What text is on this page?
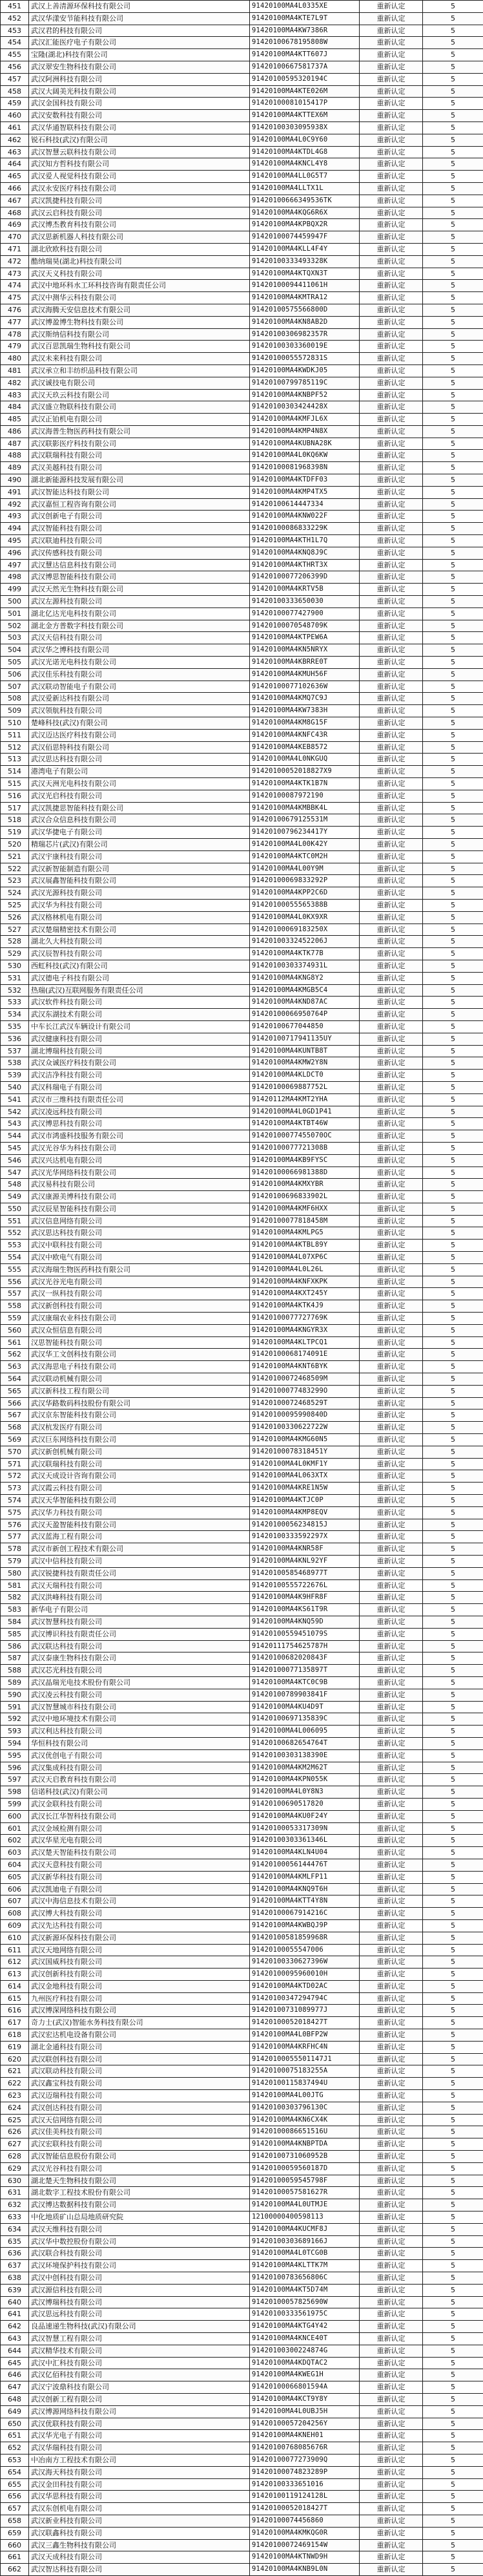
451	武汉上善清源环保科技有限公司	91420100MA4L0335XE	重新认定	5
452	武汉华漾安节能科技有限公司	91420100MA4KTE7L9T	重新认定	5
453	武汉君的科技有限公司	91420100MA4KW7386R	重新认定	5
454	武汉汇能医疗电子有限公司	91420100678195808W	重新认定	5
455	宝隆(湖北)科技有限公司	91420100MA4KTT607J	重新认定	5
456	武汉翠安生物科技有限公司	91420100667581737A	重新认定	5
457	武汉阿洲科技有限公司	91420100595320194C	重新认定	5
458	武汉大阔美光科技有限公司	91420100MA4KTE026M	重新认定	5
459	武汉金国科技有限公司	91420100081015417P	重新认定	5
460	武汉安数科技有限公司	91420100MA4KTTEX6M	重新认定	5
461	武汉华通智联科技有限公司	91420100303095938X	重新认定	5
462	锐石科技(武汉)有限公司	91420100MA4L0C9Y60	重新认定	5
463	武汉智慧云联科技有限公司	91420100MA4KTDL4G8	重新认定	5
464	武汉知方哲科技有限公司	91420100MA4KNCL4Y8	重新认定	5
465	武汉爱人视觉科技有限公司	91420100MA4LL0G5T7	重新认定	5
466	武汉永安医疗科技有限公司	91420100MA4LLTX1L	重新认定	5
467	武汉凯捷科技有限公司	91420100666349536TK	重新认定	5
468	武汉云启科技有限公司	91420100MA4KQG6R6X	重新认定	5
469	武汉博杰教育科技有限公司	91420100MA4KPBQX2R	重新认定	5
470	武汉思新机器人科技有限公司	91420100074459947F	重新认定	5
471	湖北欣欧科技有限公司	91420100MA4KLL4F4Y	重新认定	5
472	酷纳瑞昊(湖北)科技有限公司	91420100333493328K	重新认定	5
473	武汉天义科技有限公司	91420100MA4KTQXN3T	重新认定	5
474	武汉中地环科水工环科技咨询有限责任公司	91420100094411061H	重新认定	5
475	武汉中测华云科技有限公司	91420100MA4KMTRA12	重新认定	5
476	武汉海腾天安信息技术有限公司	91420100575566800D	重新认定	5
477	武汉博盈博生物科技有限公司	91420100MA4KN8AB2D	重新认定	5
478	武汉斯纳信科技有限公司	91420100306982357R	重新认定	5
479	武汉百思凯瑞生物科技有限公司	91420100303360019E	重新认定	5
480	武汉未来科技有限公司	91420100055572831S	重新认定	5
481	武汉承立和丰纺织品科技有限公司	91420100MA4KWDKJ05	重新认定	5
482	武汉诚技电有限公司	91420100799785119C	重新认定	5
483	武汉天玖云科技有限公司	91420100MA4KNBPF52	重新认定	5
484	武汉盛立物联科技有限公司	91420100303424428X	重新认定	5
485	武汉正铂机电有限公司	91420100MA4KMFJL6X	重新认定	5
486	武汉海普生物医药科技有限公司	91420100MA4KMP4N8X	重新认定	5
487	武汉联影医疗科技有限公司	91420100MA4KUBNA28K	重新认定	5
488	武汉联瑞科技有限公司	91420100MA4L0KQ6KW	重新认定	5
489	武汉美越科技有限公司	91420100081968398N	重新认定	5
490	湖北新能源科技发展有限公司	91420100MA4KTDFF03	重新认定	5
491	武汉智能达科技有限公司	91420100MA4KMP4TX5	重新认定	5
492	武汉嘉恒工程咨询有限公司	91420100614447334	重新认定	5
493	武汉创新电子有限公司	91420100MA4KNW022F	重新认定	5
494	武汉智能科技有限公司	91420100086833229K	重新认定	5
495	武汉联迪科技有限公司	91420100MA4KTH1L7Q	重新认定	5
496	武汉传感科技有限公司	91420100MA4KNQ8J9C	重新认定	5
497	武汉慧达信息科技有限公司	91420100MA4KTHRT3X	重新认定	5
498	武汉博思智能科技有限公司	91420100077206399D	重新认定	5
499	武汉天然光生物科技有限公司	91420100MA4KRTV5B	重新认定	5
500	武汉左源科技有限公司	91420100333650030	重新认定	5
501	湖北亿达光电科技有限公司	91420100077427900	重新认定	5
502	湖北金方普数字科技有限公司	91420100070548709K	重新认定	5
503	武汉天信科技有限公司	91420100MA4KTPEW6A	重新认定	5
504	武汉华之博科技有限公司	91420100MA4KN5NRYX	重新认定	5
505	武汉光诺光电科技有限公司	91420100MA4KBRRE0T	重新认定	5
506	武汉佳乐科技有限公司	91420100MA4KMUH56F	重新认定	5
507	武汉联动智能电子有限公司	91420100077102636W	重新认定	5
508	武汉爱新达科技有限公司	91420100MA4KMQ7C9J	重新认定	5
509	武汉领航科技有限公司	91420100MA4KW7383H	重新认定	5
510	楚峰科技(武汉)有限公司	91420100MA4KM8G15F	重新认定	5
511	武汉迈达医疗科技有限公司	91420100MA4KNFC43R	重新认定	5
512	武汉佰思特科技有限公司	91420100MA4KEB8572	重新认定	5
513	武汉思达科技有限公司	91420100MA4L0NKGUQ	重新认定	5
514	港湾电子有限公司	91420100052018827X9	重新认定	5
515	武汉天洲光电科技有限公司	91420100MA4KTK1B7N	重新认定	5
516	武汉光启科技有限公司	91420100087972190	重新认定	5
517	武汉凯捷思智能科技有限公司	91420100MA4KMBBK4L	重新认定	5
518	武汉合众信息科技有限公司	91420100679125531M	重新认定	5
519	武汉华捷电子有限公司	91420100796234417Y	重新认定	5
520	精瑞芯片(武汉)有限公司	91420100MA4L00K42Y	重新认定	5
521	武汉宇康科技有限公司	91420100MA4KTC0M2H	重新认定	5
522	武汉新智能制造有限公司	91420100MA4L00Y9M	重新认定	5
523	武汉展鑫智能科技有限公司	91420100069833292P	重新认定	5
524	武汉光源科技有限公司	91420100MA4KPP2C6D	重新认定	5
525	武汉华为科技有限公司	91420100055565388B	重新认定	5
526	武汉格林机电有限公司	91420100MA4L0KX9XR	重新认定	5
527	武汉楚瑞精密技术有限公司	91420100069183250X	重新认定	5
528	湖北久大科技有限公司	91420100332452206J	重新认定	5
529	武汉辰智科技有限公司	91420100MA4KTK77B	重新认定	5
530	西虹科技(武汉)有限公司	91420100303374931L	重新认定	5
531	武汉德电子科技有限公司	91420100MA4KNG8Y2	重新认定	5
532	热瑞(武汉)互联网服务有限责任公司	91420100MA4KMGB5C4	重新认定	5
533	武汉软件科技有限公司	91420100MA4KND87AC	重新认定	5
534	武汉东湖技术有限公司	91420100066950764P	重新认定	5
535	中车长江武汉车辆设计有限公司	91420100677044850	重新认定	5
536	武汉健康科技有限公司	91420100717941135UY	重新认定	5
537	湖北博瑞科技有限公司	91420100MA4KUNTB8T	重新认定	5
538	武汉众诚医疗科技有限公司	91420100MA4KMW2Y8N	重新认定	5
539	武汉洁净科技有限公司	91420100MA4KLDCT0	重新认定	5
540	武汉科瑞电子有限公司	91420100069887752L	重新认定	5
541	武汉市三维科技有限责任公司	91420112MA4KMT2YHA	重新认定	5
542	武汉凌远科技有限公司	91420100MA4L0GD1P41	重新认定	5
543	武汉博思科技有限公司	91420100MA4KTBT46W	重新认定	5
544	武汉市鸿盛科技服务有限公司	91420100077455070OC	重新认定	5
545	武汉光谷华为科技有限公司	91420100077721308B	重新认定	5
546	武汉兴达机电有限公司	91420100MA4KB9FYSC	重新认定	5
547	武汉光华网络科技有限公司	91420100066981388D	重新认定	5
548	武汉易科技有限公司	91420100MA4KMXYBR	重新认定	5
549	武汉康源美博科技有限公司	91420100696833902L	重新认定	5
550	武汉辰星智能科技有限公司	91420100MA4KMF6HXX	重新认定	5
551	武汉信息网络有限公司	91420100077818458M	重新认定	5
552	武汉思达科技有限公司	91420100MA4KMLPG5	重新认定	5
553	武汉中联科技有限公司	91420100MA4KTBL89Y	重新认定	5
554	武汉中欧电气有限公司	91420100MA4L07XP6C	重新认定	5
555	武汉海瑞生物医药科技有限公司	91420100MA4L0L26L	重新认定	5
556	武汉光谷光电有限公司	91420100MA4KNFXKPK	重新认定	5
557	武汉一纵科技有限公司	91420100MA4KXT245Y	重新认定	5
558	武汉新创科技有限公司	91420100MA4KTK4J9	重新认定	5
559	武汉康瑞农业科技有限公司	91420100077727769K	重新认定	5
560	武汉众恒信息有限公司	91420100MA4KNGYR3X	重新认定	5
561	汉思智能科技有限公司	91420100MA4KLTPCQ1	重新认定	5
562	武汉华工文创科技有限公司	91420100068174091E	重新认定	5
563	武汉海思电子科技有限公司	91420100MA4KNT6BYK	重新认定	5
564	武汉联动机械有限公司	91420100072468509M	重新认定	5
565	武汉新科技工程有限公司	91420100077483299O	重新认定	5
566	武汉华路数码科技股份有限公司	91420100072468529T	重新认定	5
567	武汉京东智能科技有限公司	91420100095990840D	重新认定	5
568	武汉杭发医疗有限公司	91420100330622722W	重新认定	5
569	武汉巨东网络科技有限公司	91420100MA4KMG60N5	重新认定	5
570	武汉新创机械有限公司	91420100078318451Y	重新认定	5
571	武汉联瑞科技有限公司	91420100MA4L0KMF1Y	重新认定	5
572	武汉天成设计咨询有限公司	91420100MA4L063XTX	重新认定	5
573	武汉霞云科技有限公司	91420100MA4KRE1N5W	重新认定	5
574	武汉天华智能科技有限公司	91420100MA4KTJC0P	重新认定	5
575	武汉华力科技有限公司	91420100MA4KMP8EQV	重新认定	5
576	武汉天盈智能科技有限公司	91420100056234815J	重新认定	5
577	武汉蓝海工程有限公司	91420100333592297X	重新认定	5
578	武汉市新创工程技术有限公司	91420100MA4KNR58F	重新认定	5
579	武汉中信科技有限公司	91420100MA4KNL92YF	重新认定	5
580	武汉锐捷科技有限责任公司	91420100585468977T	重新认定	5
581	武汉天瑞科技有限公司	91420100555722676L	重新认定	5
582	武汉洪峰科技有限公司	91420100MA4K9HFR8F	重新认定	5
583	新华电子有限公司	91420100MA4KS61T9R	重新认定	5
584	武汉智慧科技有限公司	91420100MA4KNQ59D	重新认定	5
585	武汉博识科技有限责任公司	91420100559451079S	重新认定	5
586	武汉联达科技有限公司	91420111754625787H	重新认定	5
587	武汉泰康生物科技有限公司	91420100682020843F	重新认定	5
588	武汉芯光科技有限公司	91420100077135897T	重新认定	5
589	武汉晶瑞光电技术股份有限公司	91420100MA4KTC0C9B	重新认定	5
590	武汉凌云科技有限公司	91420100789903841F	重新认定	5
591	武汉智慧城市科技有限公司	91420100MA4KU4D9T	重新认定	5
592	武汉中地环境技术有限公司	91420100697135839C	重新认定	5
593	武汉利达科技有限公司	91420100MA4L006095	重新认定	5
594	华恒科技有限公司	91420100682654764T	重新认定	5
595	武汉优创电子有限公司	91420100303138390E	重新认定	5
596	武汉集成科技有限公司	91420100MA4KM2M62T	重新认定	5
597	武汉天启教育科技有限公司	91420100MA4KPN055K	重新认定	5
598	信诺科技(武汉)有限公司	91420100MA4L0Y8N3	重新认定	5
599	武汉金联科技有限公司	91420100690517820	重新认定	5
600	武汉长江华智科技有限公司	91420100MA4KU0F24Y	重新认定	5
601	武汉金域检测有限公司	91420100053317309N	重新认定	5
602	武汉华星光电有限公司	91420100303361346L	重新认定	5
603	武汉楚天智能科技有限公司	91420100MA4KLN4U04	重新认定	5
604	武汉天意科技有限公司	91420100056144476T	重新认定	5
605	武汉新华科技有限公司	91420100MA4KMLFP11	重新认定	5
606	武汉凯迪电子有限公司	91420100MA4KNQ9T6H	重新认定	5
607	武汉中海信息技术有限公司	91420100MA4KTT4Y8N	重新认定	5
608	武汉博大科技有限公司	91420100067914216C	重新认定	5
609	武汉先达科技有限公司	91420100MA4KWBQJ9P	重新认定	5
610	武汉新源环保科技有限公司	91420100581859968R	重新认定	5
611	武汉天地网络有限公司	91420100055547006	重新认定	5
612	武汉国威科技有限公司	91420100330627396W	重新认定	5
613	武汉创新科技有限公司	91420100095960010H	重新认定	5
614	武汉金地科技有限公司	91420100MA4KTD02AC	重新认定	5
615	九州医疗科技有限公司	91420100347294794C	重新认定	5
616	武汉博深网络科技有限公司	91420100731089977J	重新认定	5
617	奇力士(武汉)智能水务科技有限公司	91420100052018427T	重新认定	5
618	武汉宏达机电设备有限公司	91420100MA4L0BFP2W	重新认定	5
619	湖北金通科技有限公司	91420100MA4KRFHC4N	重新认定	5
620	武汉联创科技有限公司	91420100055501147J1	重新认定	5
621	武汉联动科技有限公司	91420100075183255A	重新认定	5
622	武汉鑫宝科技有限公司	91420100115837494U	重新认定	5
623	武汉迈瑞科技有限公司	91420100MA4L00JTG	重新认定	5
624	武汉创达科技有限公司	91420100303796130C	重新认定	5
625	武汉天信网络有限公司	91420100MA4KN6CX4K	重新认定	5
626	武汉佳美科技有限公司	91420100086651516U	重新认定	5
627	武汉宏联科技有限公司	91420100MA4KNBPTDA	重新认定	5
628	武汉智能信息股份有限公司	91420100731060952B	重新认定	5
629	武汉光谷科技有限公司	91420100059560187D	重新认定	5
630	湖北楚天生物科技有限公司	91420100059545798F	重新认定	5
631	湖北数字工程技术股份有限公司	91420100057581627R	重新认定	5
632	武汉博达数据科技有限公司	91420100MA4L0UTMJE	重新认定	5
633	中化地质矿山总局地质研究院	12100000400598113	重新认定	5
634	武汉天维科技有限公司	91420100MA4KUCMF8J	重新认定	5
635	武汉华中数控股份有限公司	91420100303689166J	重新认定	5
636	武汉联合科技有限公司	91420100MA4L0TCG0B	重新认定	5
637	武汉环境保护科技有限公司	91420100MA4KLTTK7M	重新认定	5
638	武汉中创科技有限公司	91420100783656806C	重新认定	5
639	武汉源信科技有限公司	91420100MA4KT5D74M	重新认定	5
640	武汉博瑞科技有限公司	91420100057825690W	重新认定	5
641	武汉思远科技有限公司	91420100333561975C	重新认定	5
642	良品速递生物科技(武汉)有限公司	91420100MA4KTG4Y42	重新认定	5
643	武汉智慧工程有限公司	91420100MA4KNCE40T	重新认定	5
644	武汉精华技术有限公司	91420100300224874G	重新认定	5
645	武汉中汇科技有限公司	91420100MA4KDQTAC2	重新认定	5
646	武汉亿佰科技有限公司	91420100MA4KWEG1H	重新认定	5
647	武汉宁波鼎科技有限公司	91420100066801594A	重新认定	5
648	武汉创新工程有限公司	91420100MA4KCT9Y8Y	重新认定	5
649	武汉博源网络科技有限公司	91420100MA4L0UBJ5H	重新认定	5
650	武汉优联科技有限公司	91420100057204256Y	重新认定	5
651	武汉华光电子有限公司	91420100MA4KNEH01	重新认定	5
652	武汉华瑞科技有限公司	91420100768085676R	重新认定	5
653	中冶南方工程技术有限公司	91420100077273909Q	重新认定	5
654	武汉海天科技有限公司	91420100074823289P	重新认定	5
655	武汉金田科技有限公司	91420100333651016	重新认定	5
656	武汉华思科技有限公司	91420100119124128L	重新认定	5
657	武汉东创机电有限公司	91420100052018427T	重新认定	5
658	武汉新业科技有限公司	91420100074456860	重新认定	5
659	武汉联鑫科技有限公司	91420100MA4KMKQG0R	重新认定	5
660	武汉三鑫生物科技有限公司	91420100072469154W	重新认定	5
661	武汉天成科技有限公司	91420100MA4KTNWD9H	重新认定	5
662	武汉智达科技有限公司	91420100MA4KNB9L0N	重新认定	5
